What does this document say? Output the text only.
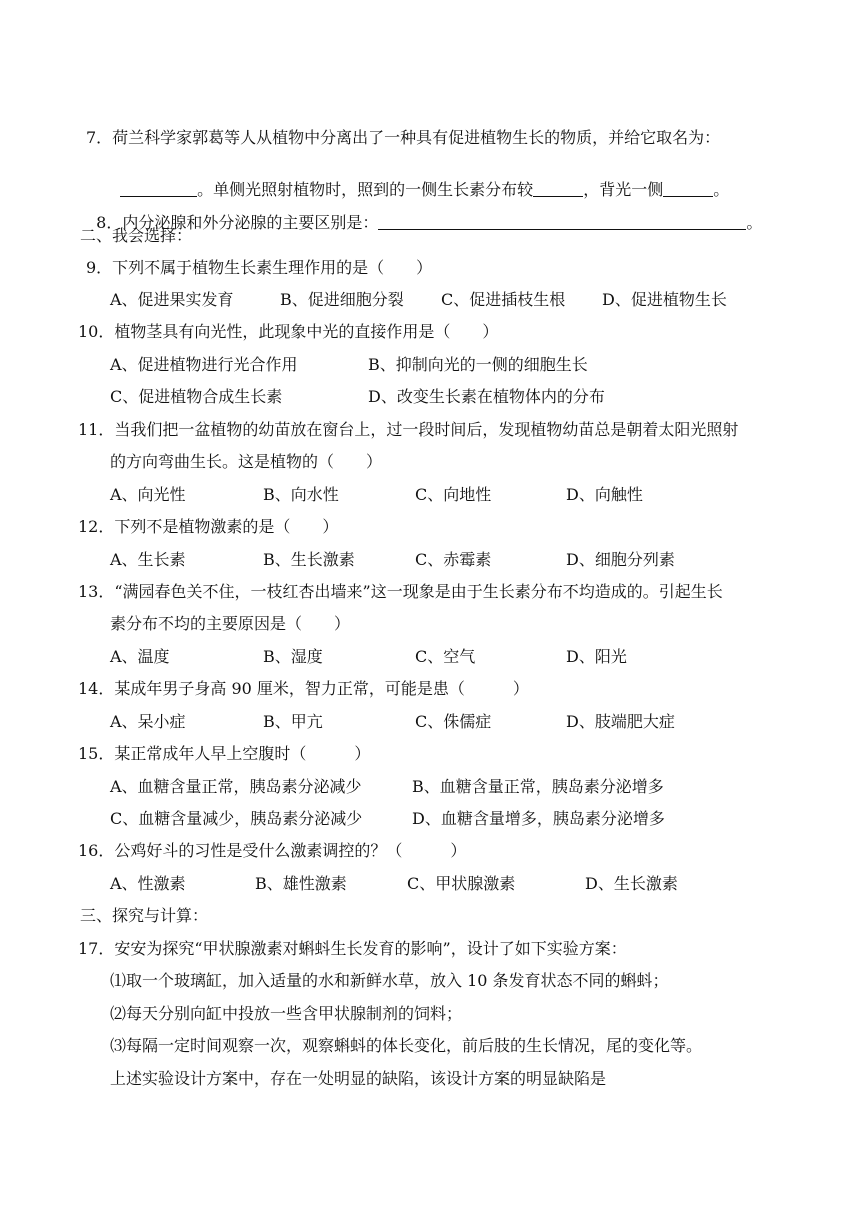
7．荷兰科学家郭葛等人从植物中分离出了一种具有促进植物生长的物质，并给它取名为：

。单侧光照射植物时，照到的一侧生长素分布较	，背光一侧	。

8．内分泌腺和外分泌腺的主要区别是：	。

二、我会选择：
9．下列不属于植物生长素生理作用的是（　　）
A、促进果实发育	B、促进细胞分裂 C、促进插枝生根 D、促进植物生长
10．植物茎具有向光性，此现象中光的直接作用是（　　）
A、促进植物进行光合作用	B、抑制向光的一侧的细胞生长
C、促进植物合成生长素	D、改变生长素在植物体内的分布
11．当我们把一盆植物的幼苗放在窗台上，过一段时间后，发现植物幼苗总是朝着太阳光照射
的方向弯曲生长。这是植物的（　　）
A、向光性	B、向水性	C、向地性	D、向触性
12．下列不是植物激素的是（　　）
A、生长素	B、生长激素	C、赤霉素	D、细胞分列素
13．“满园春色关不住，一枝红杏出墙来”这一现象是由于生长素分布不均造成的。引起生长
素分布不均的主要原因是（　　）
A、温度	B、湿度	C、空气	D、阳光
14．某成年男子身高 90 厘米，智力正常，可能是患（　　　）
A、呆小症	B、甲亢	C、侏儒症	D、肢端肥大症
15．某正常成年人早上空腹时（　　　）
A、血糖含量正常，胰岛素分泌减少	B、血糖含量正常，胰岛素分泌增多
C、血糖含量减少，胰岛素分泌减少	D、血糖含量增多，胰岛素分泌增多
16．公鸡好斗的习性是受什么激素调控的？（　　　）
A、性激素	B、雄性激素	C、甲状腺激素	D、生长激素
三、探究与计算：
17．安安为探究“甲状腺激素对蝌蚪生长发育的影响”，设计了如下实验方案：
⑴取一个玻璃缸，加入适量的水和新鲜水草，放入 10 条发育状态不同的蝌蚪；
⑵每天分别向缸中投放一些含甲状腺制剂的饲料；
⑶每隔一定时间观察一次，观察蝌蚪的体长变化，前后肢的生长情况，尾的变化等。
上述实验设计方案中，存在一处明显的缺陷，该设计方案的明显缺陷是
